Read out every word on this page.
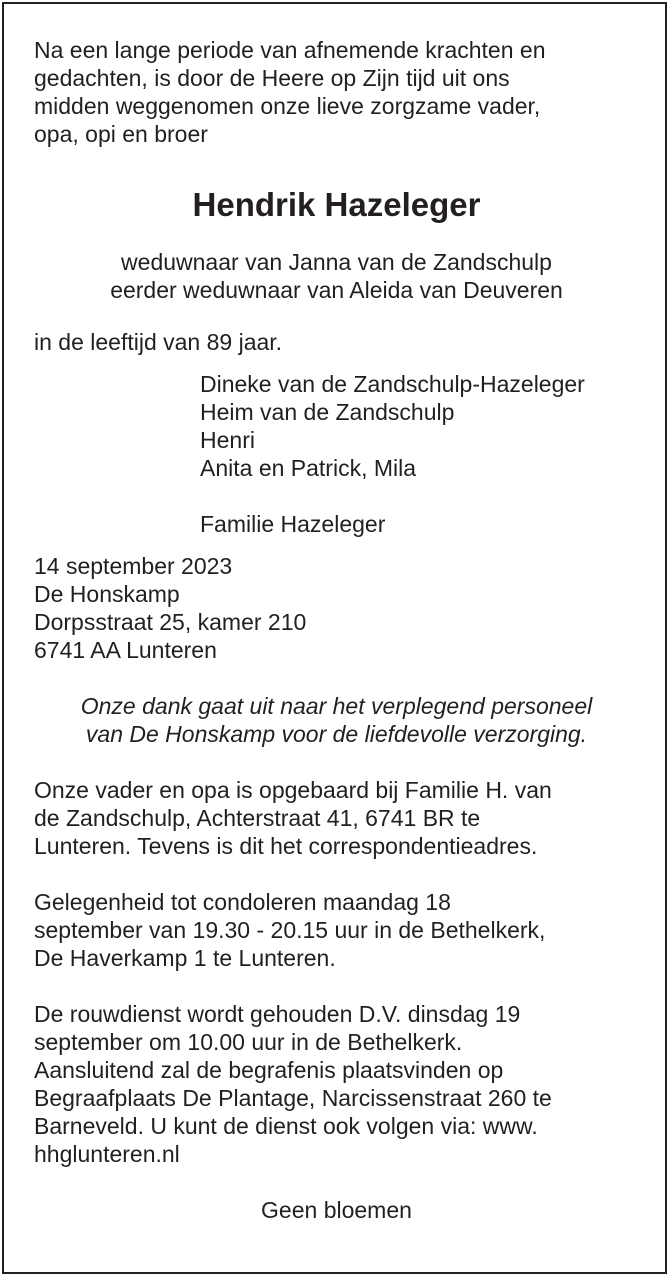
Na een lange periode van afnemende krachten en
gedachten, is door de Heere op Zijn tijd uit ons
midden weggenomen onze lieve zorgzame vader,
opa, opi en broer
Hendrik Hazeleger
weduwnaar van Janna van de Zandschulp
eerder weduwnaar van Aleida van Deuveren
in de leeftijd van 89 jaar.
Dineke van de Zandschulp-Hazeleger
Heim van de Zandschulp
Henri
Anita en Patrick, Mila
Familie Hazeleger
14 september 2023
De Honskamp
Dorpsstraat 25, kamer 210
6741 AA Lunteren
Onze dank gaat uit naar het verplegend personeel
van De Honskamp voor de liefdevolle verzorging.
Onze vader en opa is opgebaard bij Familie H. van
de Zandschulp, Achterstraat 41, 6741 BR te
Lunteren. Tevens is dit het correspondentieadres.
Gelegenheid tot condoleren maandag 18
september van 19.30 - 20.15 uur in de Bethelkerk,
De Haverkamp 1 te Lunteren.
De rouwdienst wordt gehouden D.V. dinsdag 19
september om 10.00 uur in de Bethelkerk.
Aansluitend zal de begrafenis plaatsvinden op
Begraafplaats De Plantage, Narcissenstraat 260 te
Barneveld. U kunt de dienst ook volgen via: www.
hhglunteren.nl
Geen bloemen
